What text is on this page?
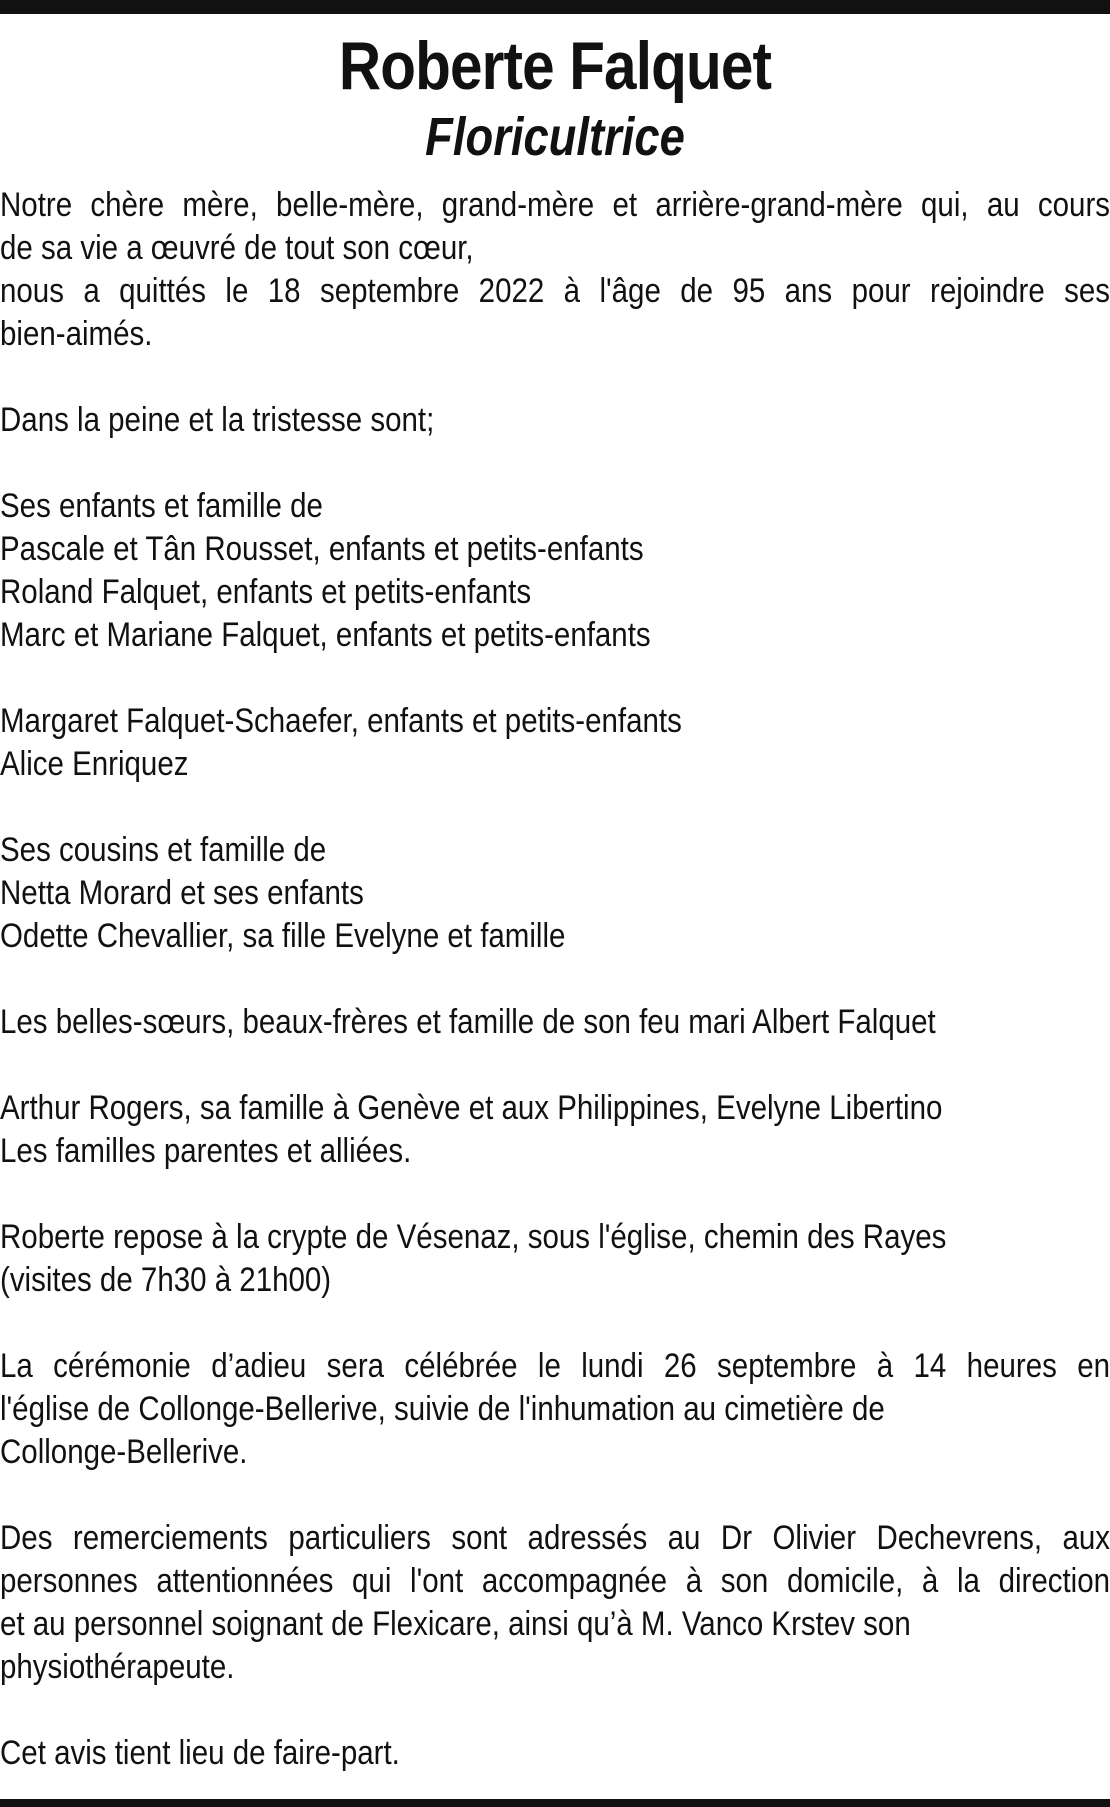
Roberte Falquet
Floricultrice
Notre chère mère, belle-mère, grand-mère et arrière-grand-mère qui, au cours
de sa vie a œuvré de tout son cœur,
nous a quittés le 18 septembre 2022 à l'âge de 95 ans pour rejoindre ses
bien-aimés.
Dans la peine et la tristesse sont;
Ses enfants et famille de
Pascale et Tân Rousset, enfants et petits-enfants
Roland Falquet, enfants et petits-enfants
Marc et Mariane Falquet, enfants et petits-enfants
Margaret Falquet-Schaefer, enfants et petits-enfants
Alice Enriquez
Ses cousins et famille de
Netta Morard et ses enfants
Odette Chevallier, sa fille Evelyne et famille
Les belles-sœurs, beaux-frères et famille de son feu mari Albert Falquet
Arthur Rogers, sa famille à Genève et aux Philippines, Evelyne Libertino
Les familles parentes et alliées.
Roberte repose à la crypte de Vésenaz, sous l'église, chemin des Rayes
(visites de 7h30 à 21h00)
La cérémonie d’adieu sera célébrée le lundi 26 septembre à 14 heures en
l'église de Collonge-Bellerive, suivie de l'inhumation au cimetière de
Collonge-Bellerive.
Des remerciements particuliers sont adressés au Dr Olivier Dechevrens, aux
personnes attentionnées qui l'ont accompagnée à son domicile, à la direction
et au personnel soignant de Flexicare, ainsi qu’à M. Vanco Krstev son
physiothérapeute.
Cet avis tient lieu de faire-part.
